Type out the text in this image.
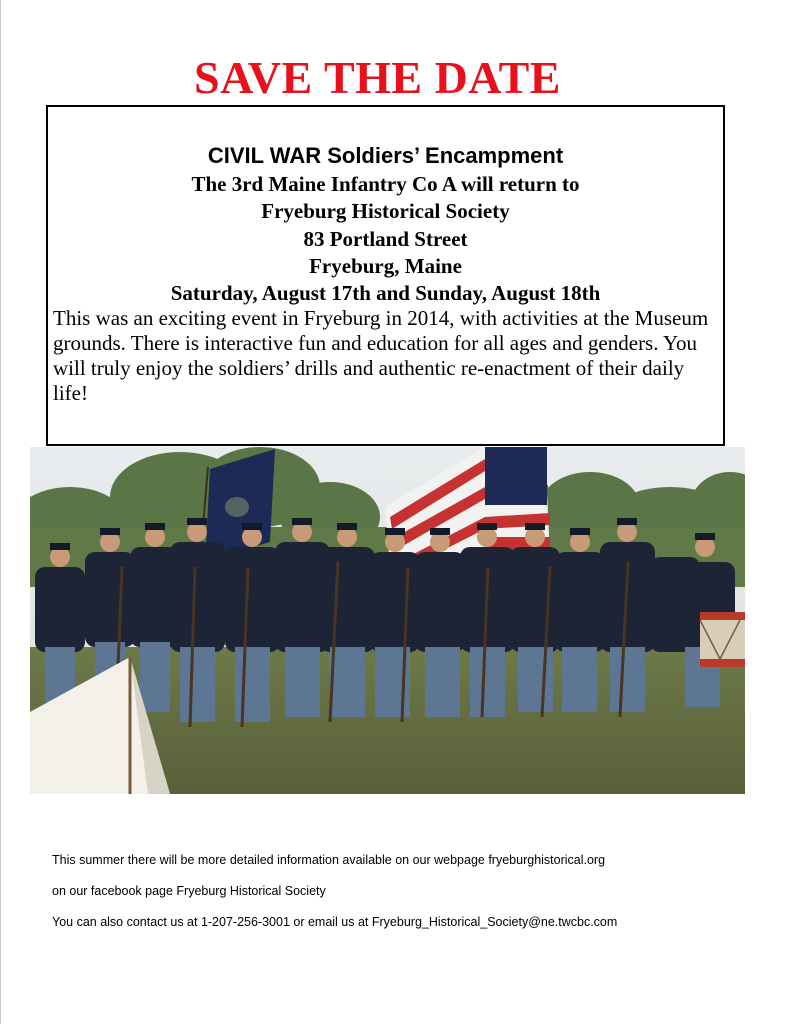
SAVE THE DATE
CIVIL WAR Soldiers’ Encampment
The 3rd Maine Infantry Co A will return to
Fryeburg Historical Society
83 Portland Street
Fryeburg, Maine
Saturday, August 17th and Sunday, August 18th
This was an exciting event in Fryeburg in 2014, with activities at the Museum grounds. There is interactive fun and education for all ages and genders. You will truly enjoy the soldiers’ drills and authentic re-enactment of their daily life!
This summer there will be more detailed information available on our webpage fryeburghistorical.org
on our facebook page Fryeburg Historical Society
You can also contact us at 1-207-256-3001 or email us at Fryeburg_Historical_Society@ne.twcbc.com
